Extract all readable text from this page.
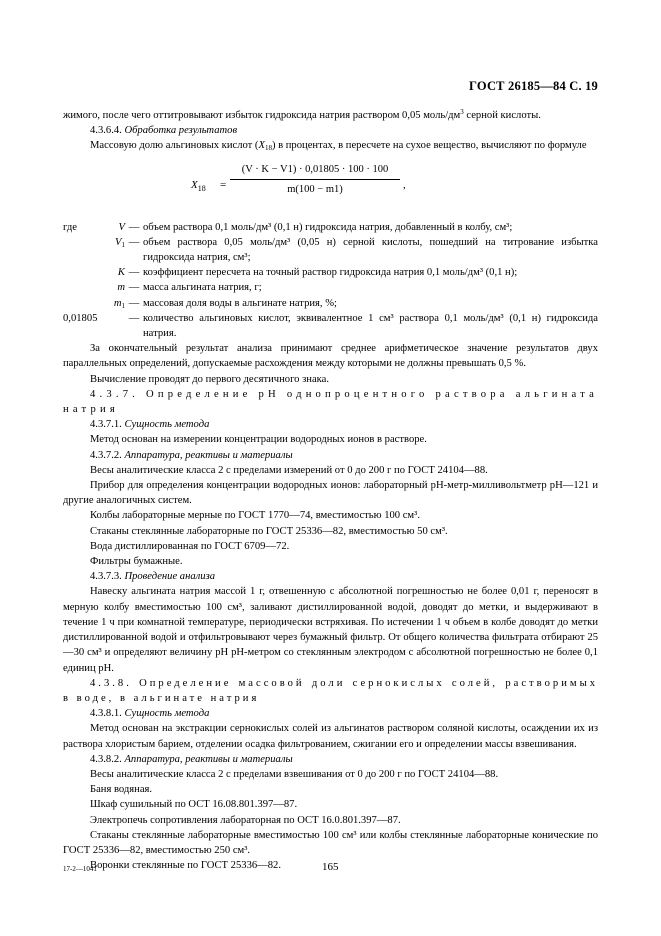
ГОСТ 26185—84 С. 19

жимого, после чего оттитровывают избыток гидроксида натрия раствором 0,05 моль/$дм^3$ серной кислоты.

4.3.6.4. Обработка результатов

Массовую долю альгиновых кислот $(X_{18})$ в процентах, в пересчете на сухое вещество, вычисляют по формуле

$X_{18}$ =
(V · K − V1) · 0,01805 · 100 · 100
m(100 − m1)	,
где	V — объем раствора 0,1 моль/дм³ (0,1 н) гидроксида натрия, добавленный в колбу, см³;
$V_1$ — объем раствора 0,05 моль/дм³ (0,05 н) серной кислоты, пошедший на титрование избытка гидроксида натрия, см³;
K — коэффициент пересчета на точный раствор гидроксида натрия 0,1 моль/дм³ (0,1 н);
m — масса альгината натрия, г;
$m_1$ — массовая доля воды в альгинате натрия, %;
0,01805	— количество альгиновых кислот, эквивалентное 1 см³ раствора 0,1 моль/дм³ (0,1 н) гидроксида натрия.

За окончательный результат анализа принимают среднее арифметическое значение результатов двух параллельных определений, допускаемые расхождения между которыми не должны превышать 0,5 %.

Вычисление проводят до первого десятичного знака.

4.3.7. Определение рН однопроцентного раствора альгината натрия

4.3.7.1. Сущность метода

Метод основан на измерении концентрации водородных ионов в растворе.

4.3.7.2. Аппаратура, реактивы и материалы

Весы аналитические класса 2 с пределами измерений от 0 до 200 г по ГОСТ 24104—88.

Прибор для определения концентрации водородных ионов: лабораторный рН-метр-милливольтметр рН—121 и другие аналогичных систем.

Колбы лабораторные мерные по ГОСТ 1770—74, вместимостью 100 см³.

Стаканы стеклянные лабораторные по ГОСТ 25336—82, вместимостью 50 см³.

Вода дистиллированная по ГОСТ 6709—72.

Фильтры бумажные.

4.3.7.3. Проведение анализа

Навеску альгината натрия массой 1 г, отвешенную с абсолютной погрешностью не более 0,01 г, переносят в мерную колбу вместимостью 100 см³, заливают дистиллированной водой, доводят до метки, и выдерживают в течение 1 ч при комнатной температуре, периодически встряхивая. По истечении 1 ч объем в колбе доводят до метки дистиллированной водой и отфильтровывают через бумажный фильтр. От общего количества фильтрата отбирают 25—30 см³ и определяют величину рН рН-метром со стеклянным электродом с абсолютной погрешностью не более 0,1 единиц рН.

4.3.8. Определение массовой доли сернокислых солей, растворимых в воде, в альгинате натрия

4.3.8.1. Сущность метода

Метод основан на экстракции сернокислых солей из альгинатов раствором соляной кислоты, осаждении их из раствора хлористым барием, отделении осадка фильтрованием, сжигании его и определении массы взвешивания.

4.3.8.2. Аппаратура, реактивы и материалы

Весы аналитические класса 2 с пределами взвешивания от 0 до 200 г по ГОСТ 24104—88.

Баня водяная.

Шкаф сушильный по ОСТ 16.08.801.397—87.

Электропечь сопротивления лабораторная по ОСТ 16.0.801.397—87.

Стаканы стеклянные лабораторные вместимостью 100 см³ или колбы стеклянные лабораторные конические по ГОСТ 25336—82, вместимостью 250 см³.

Воронки стеклянные по ГОСТ 25336—82.

17-2—1041	165
